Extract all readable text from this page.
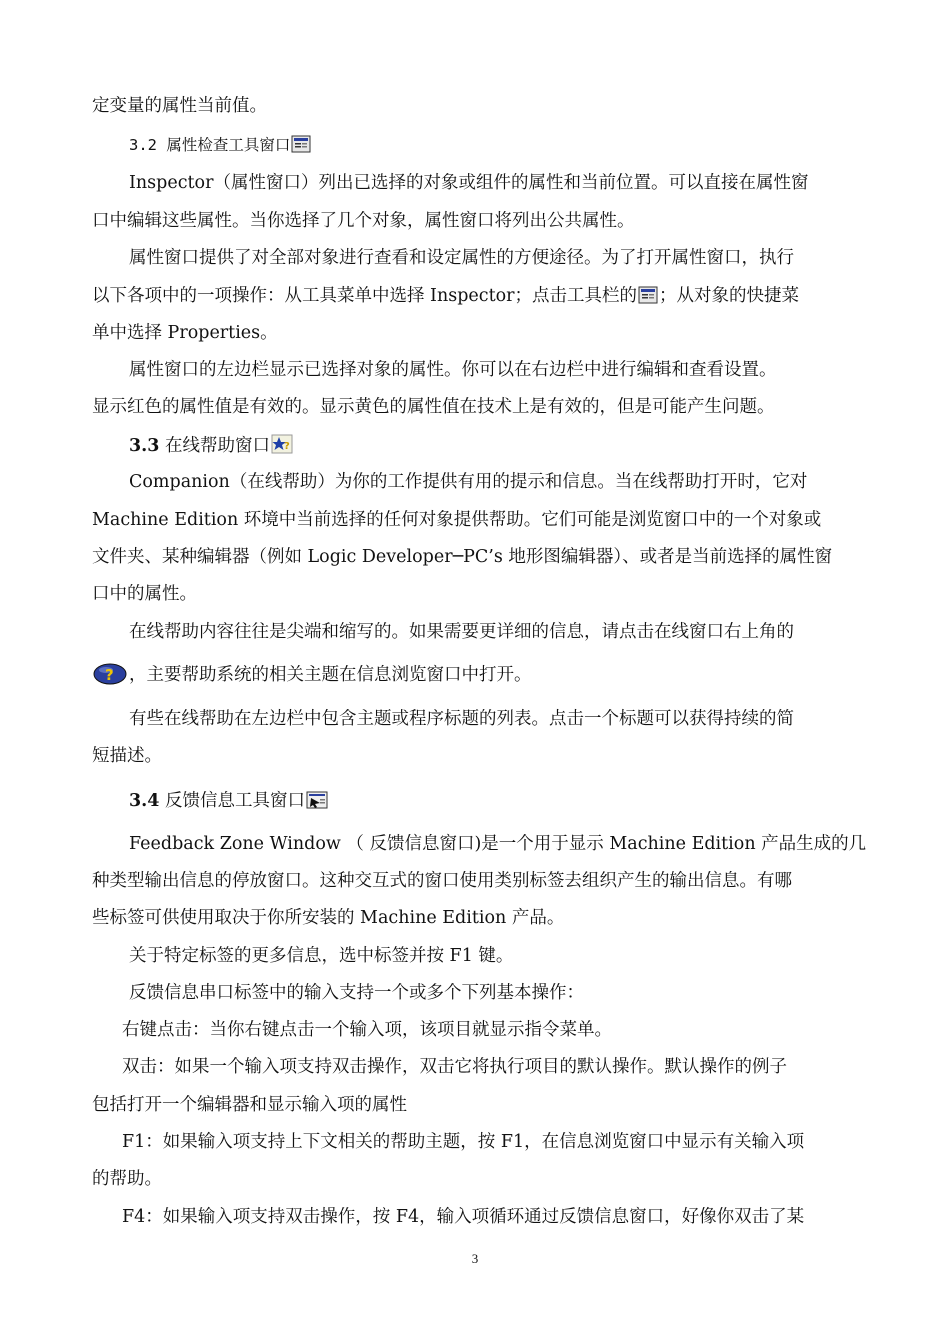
定变量的属性当前值。
3.2 属性检查工具窗口
Inspector（属性窗口）列出已选择的对象或组件的属性和当前位置。可以直接在属性窗
口中编辑这些属性。当你选择了几个对象，属性窗口将列出公共属性。
属性窗口提供了对全部对象进行查看和设定属性的方便途径。为了打开属性窗口，执行
以下各项中的一项操作：从工具菜单中选择 Inspector；点击工具栏的 ；从对象的快捷菜
单中选择 Properties。
属性窗口的左边栏显示已选择对象的属性。你可以在右边栏中进行编辑和查看设置。
显示红色的属性值是有效的。显示黄色的属性值在技术上是有效的，但是可能产生问题。
3.3 在线帮助窗口 ?
Companion（在线帮助）为你的工作提供有用的提示和信息。当在线帮助打开时，它对
Machine Edition 环境中当前选择的任何对象提供帮助。它们可能是浏览窗口中的一个对象或
文件夹、某种编辑器（例如 Logic Developer─PC’s 地形图编辑器）、或者是当前选择的属性窗
口中的属性。
在线帮助内容往往是尖端和缩写的。如果需要更详细的信息，请点击在线窗口右上角的
? ，主要帮助系统的相关主题在信息浏览窗口中打开。
有些在线帮助在左边栏中包含主题或程序标题的列表。点击一个标题可以获得持续的简
短描述。
3.4 反馈信息工具窗口
Feedback Zone Window （ 反馈信息窗口)是一个用于显示 Machine Edition 产品生成的几
种类型输出信息的停放窗口。这种交互式的窗口使用类别标签去组织产生的输出信息。有哪
些标签可供使用取决于你所安装的 Machine Edition 产品。
关于特定标签的更多信息，选中标签并按 F1 键。
反馈信息串口标签中的输入支持一个或多个下列基本操作：
右键点击：当你右键点击一个输入项，该项目就显示指令菜单。
双击：如果一个输入项支持双击操作，双击它将执行项目的默认操作。默认操作的例子
包括打开一个编辑器和显示输入项的属性
F1：如果输入项支持上下文相关的帮助主题，按 F1，在信息浏览窗口中显示有关输入项
的帮助。
F4：如果输入项支持双击操作，按 F4，输入项循环通过反馈信息窗口，好像你双击了某
3
